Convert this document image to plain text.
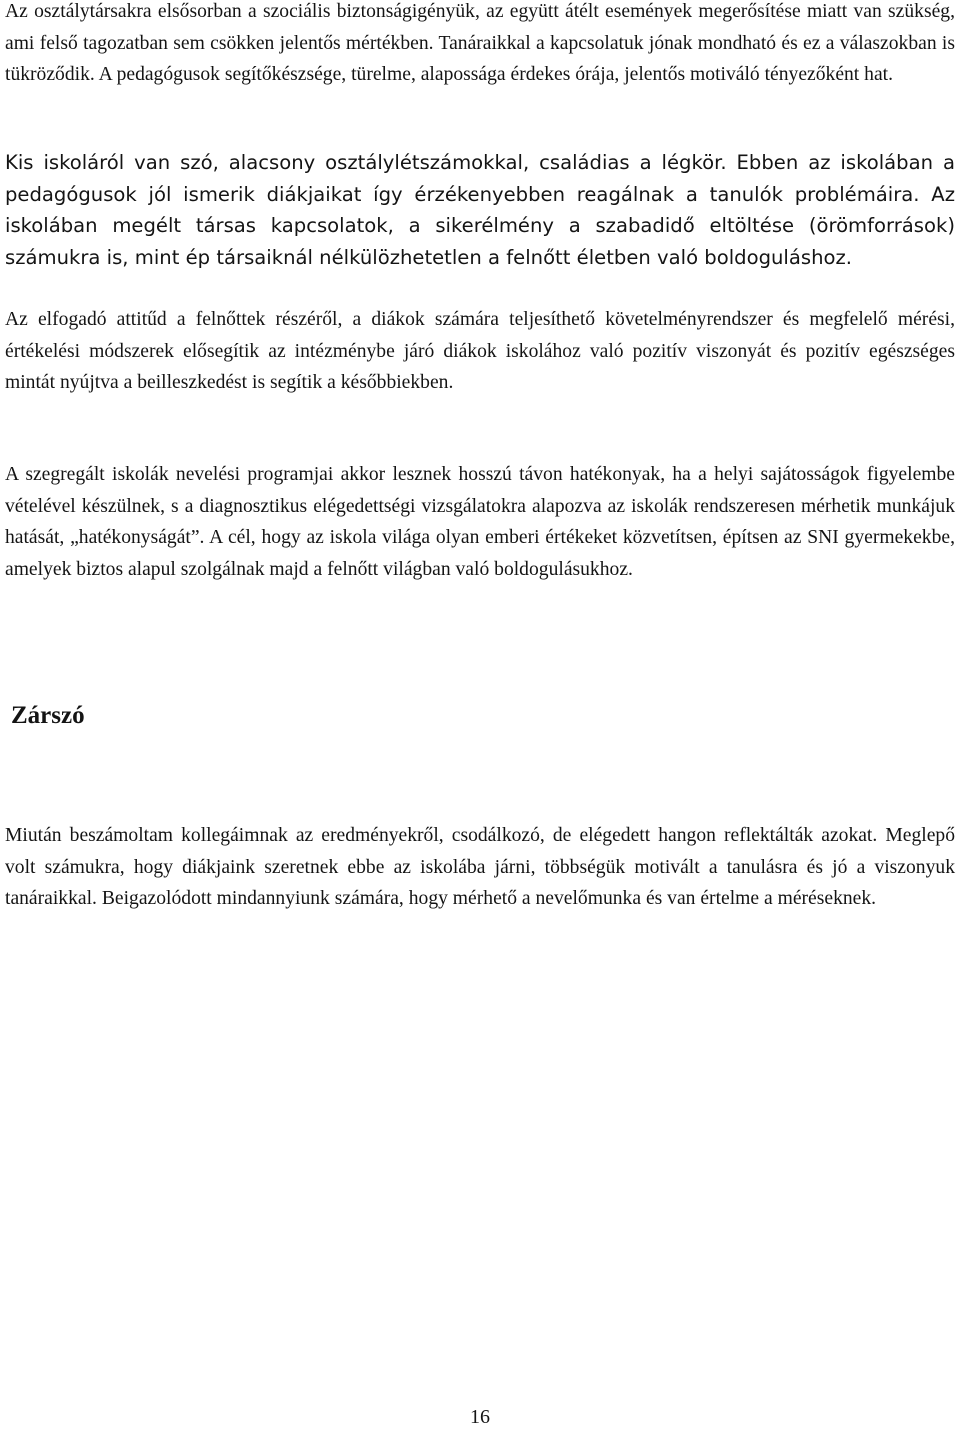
Az osztálytársakra elsősorban a szociális biztonságigényük, az együtt átélt események megerősítése miatt van szükség, ami felső tagozatban sem csökken jelentős mértékben. Tanáraikkal a kapcsolatuk jónak mondható és ez a válaszokban is tükröződik. A pedagógusok segítőkészsége, türelme, alapossága érdekes órája, jelentős motiváló tényezőként hat.

Kis iskoláról van szó, alacsony osztálylétszámokkal, családias a légkör. Ebben az iskolában a pedagógusok jól ismerik diákjaikat így érzékenyebben reagálnak a tanulók problémáira. Az iskolában megélt társas kapcsolatok, a sikerélmény a szabadidő eltöltése (örömforrások) számukra is, mint ép társaiknál nélkülözhetetlen a felnőtt életben való boldoguláshoz.

Az elfogadó attitűd a felnőttek részéről, a diákok számára teljesíthető követelményrendszer és megfelelő mérési, értékelési módszerek elősegítik az intézménybe járó diákok iskolához való pozitív viszonyát és pozitív egészséges mintát nyújtva a beilleszkedést is segítik a későbbiekben.

A szegregált iskolák nevelési programjai akkor lesznek hosszú távon hatékonyak, ha a helyi sajátosságok figyelembe vételével készülnek, s a diagnosztikus elégedettségi vizsgálatokra alapozva az iskolák rendszeresen mérhetik munkájuk hatását, „hatékonyságát”. A cél, hogy az iskola világa olyan emberi értékeket közvetítsen, építsen az SNI gyermekekbe, amelyek biztos alapul szolgálnak majd a felnőtt világban való boldogulásukhoz.

Zárszó

Miután beszámoltam kollegáimnak az eredményekről, csodálkozó, de elégedett hangon reflektálták azokat. Meglepő volt számukra, hogy diákjaink szeretnek ebbe az iskolába járni, többségük motivált a tanulásra és jó a viszonyuk tanáraikkal. Beigazolódott mindannyiunk számára, hogy mérhető a nevelőmunka és van értelme a méréseknek.

16
